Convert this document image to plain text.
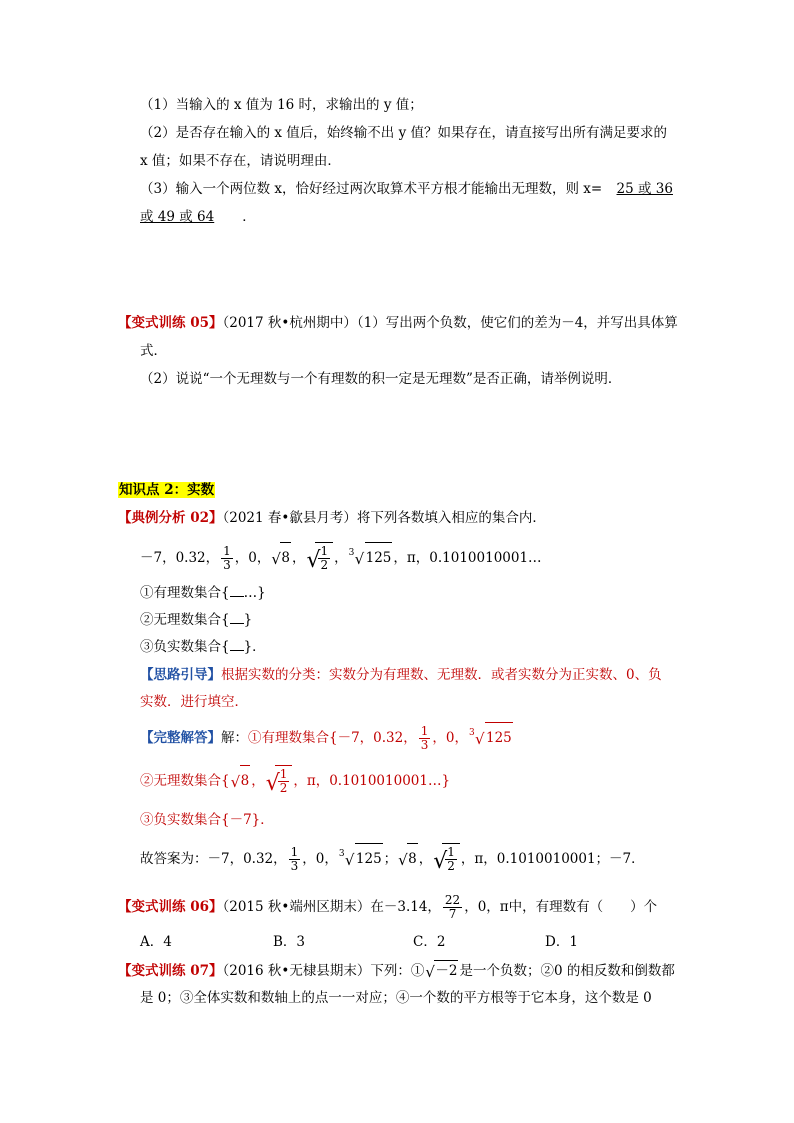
（1）当输入的 x 值为 16 时，求输出的 y 值；
（2）是否存在输入的 x 值后，始终输不出 y 值？如果存在，请直接写出所有满足要求的
x 值；如果不存在，请说明理由．
（3）输入一个两位数 x，恰好经过两次取算术平方根才能输出无理数，则 x= 25 或 36
或 49 或 64 ．
【变式训练 05】（2017 秋•杭州期中）（1）写出两个负数，使它们的差为－4，并写出具体算
式．
（2）说说“一个无理数与一个有理数的积一定是无理数”是否正确，请举例说明．
知识点 2：实数
【典例分析 02】（2021 春•歙县月考）将下列各数填入相应的集合内．
－7，0.32， $\frac{1}{3}$ ，0， √ 8 ， √
$\frac{1}{2}$ ， 3 √ 125 ，π，0.1010010001…
①有理数集合{ …}
②无理数集合{ }
③负实数集合{ }．
【思路引导】根据实数的分类：实数分为有理数、无理数．或者实数分为正实数、0、负
实数．进行填空．
【完整解答】解：①有理数集合{－7，0.32， $\frac{1}{3}$ ，0， 3 √ 125
②无理数集合{ √ 8 ， √
$\frac{1}{2}$ ，π，0.1010010001…}
③负实数集合{－7}．
故答案为：－7，0.32， $\frac{1}{3}$ ，0， 3 √ 125 ； √ 8 ， √
$\frac{1}{2}$ ，π，0.1010010001；－7．
【变式训练 06】（2015 秋•端州区期末）在－3.14， $\frac{22}{7}$ ，0，π中，有理数有（　　）个
A．4	B．3	C．2	D．1
【变式训练 07】（2016 秋•无棣县期末）下列：① √ －2 是一个负数；②0 的相反数和倒数都
是 0；③全体实数和数轴上的点一一对应；④一个数的平方根等于它本身，这个数是 0
